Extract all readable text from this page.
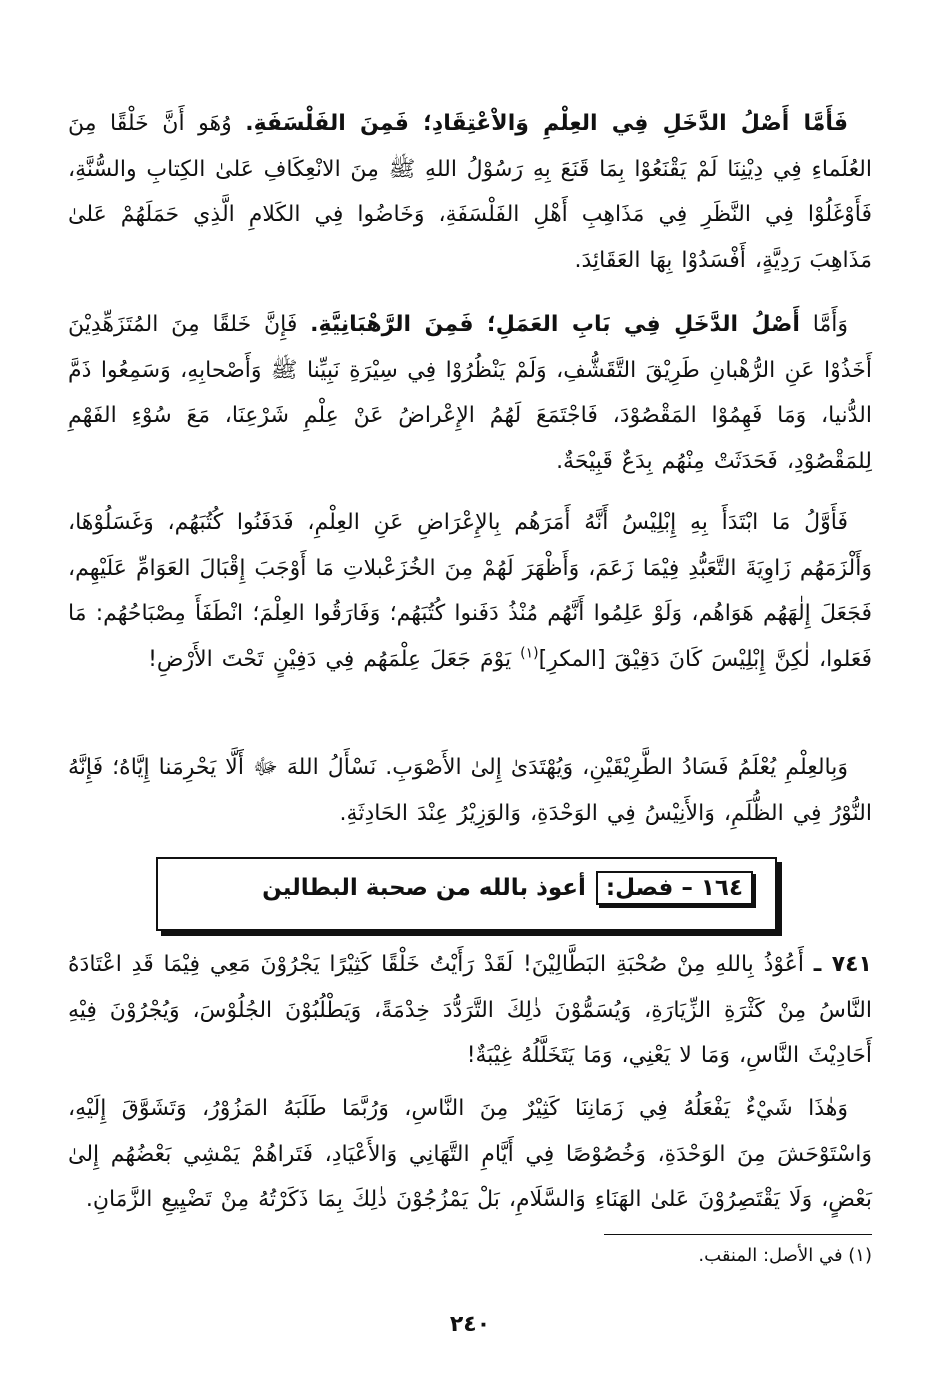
فَأَمَّا أَصْلُ الدَّخَلِ فِي العِلْمِ وَالاْعْتِقَادِ؛ فَمِنَ الفَلْسَفَةِ. وُهَو أَنَّ خَلْقًا مِنَ العُلَماءِ فِي دِيْنِنَا لَمْ يَقْنَعُوْا بِمَا قَنَعَ بِهِ رَسُوْلُ اللهِ ﷺ مِنَ الانْعِكَافِ عَلىٰ الكِتابِ والسُّنَّةِ، فَأَوْغَلُوْا فِي النَّظَرِ فِي مَذَاهِبِ أَهْلِ الفَلْسَفَةِ، وَخَاضُوا فِي الكَلامِ الَّذِي حَمَلَهُمْ عَلىٰ مَذَاهِبَ رَدِيَّةٍ، أَفْسَدُوْا بِهَا العَقَائِدَ.

وَأَمَّا أَصْلُ الدَّخَلِ فِي بَابِ العَمَلِ؛ فَمِنَ الرَّهْبَانِيَّةِ. فَإِنَّ خَلقًا مِنَ المُتَزَهِّدِيْنَ أَخَذُوْا عَنِ الرُّهْبانِ طَرِيْقَ التَّقَشُّفِ، وَلَمْ يَنْظُرُوْا فِي سِيْرَةِ نَبِيِّنا ﷺ وَأَصْحابِهِ، وَسَمِعُوا ذَمَّ الدُّنيا، وَمَا فَهِمُوْا المَقْصُوْدَ، فَاجْتَمَعَ لَهُمُ الإِعْراضُ عَنْ عِلْمِ شَرْعِنَا، مَعَ سُوْءِ الفَهْمِ لِلمَقْصُوْدِ، فَحَدَثَتْ مِنْهُم بِدَعٌ قَبِيْحَةٌ.

فَأَوَّلُ مَا ابْتَدَأَ بِهِ إِبْلِيْسُ أَنَّهُ أَمَرَهُم بِالإِعْرَاضِ عَنِ العِلْمِ، فَدَفَنُوا كُتُبَهُم، وَغَسَلُوْهَا، وَأَلْزَمَهُم زَاوِيَةَ التَّعَبُّدِ فِيْمَا زَعَمَ، وَأَظْهَرَ لَهُمْ مِنَ الخُزَعْبلاتِ مَا أَوْجَبَ إِقْبَالَ العَوَامِّ عَلَيْهِم، فَجَعَلَ إِلٰهَهُم هَوَاهُم، وَلَوْ عَلِمُوا أَنَّهُم مُنْذُ دَفَنوا كُتُبَهُم؛ وَفَارَقُوا العِلْمَ؛ انْطَفَأَ مِصْبَاحُهُم: مَا فَعَلوا، لٰكِنَّ إِبْلِيْسَ كَانَ دَقِيْقَ [المكرِ]$^{(١)}$ يَوْمَ جَعَلَ عِلْمَهُم فِي دَفِيْنٍ تَحْتَ الأَرْضِ!

وَبِالعِلْمِ يُعْلَمُ فَسَادُ الطَّرِيْقَيْنِ، وَيُهْتَدَىٰ إِلىٰ الأَصْوَبِ. نَسْأَلُ اللهَ ﷻ أَلَّا يَحْرِمَنا إِيَّاهُ؛ فَإِنَّهُ النُّوْرُ فِي الظُّلَمِ، وَالأَنِيْسُ فِي الوَحْدَةِ، وَالوَزِيْرُ عِنْدَ الحَادِثَةِ.

١٦٤ – فصل:
أعوذ بالله من صحبة البطالين

٧٤١ ـ أَعُوْذُ بِاللهِ مِنْ صُحْبَةِ البَطَّالِيْنَ! لَقَدْ رَأَيْتُ خَلْقًا كَثِيْرًا يَجْرُوْنَ مَعِي فِيْمَا قَدِ اعْتَادَهُ النَّاسُ مِنْ كَثْرَةِ الزِّيَارَةِ، وَيُسَمُّوْنَ ذٰلِكَ التَّرَدُّدَ خِدْمَةً، وَيَطْلُبُوْنَ الجُلُوْسَ، وَيُجْرُوْنَ فِيْهِ أَحَادِيْثَ النَّاسِ، وَمَا لا يَعْنِي، وَمَا يَتَخَلَّلُهُ غِيْبَةٌ!

وَهٰذَا شَيْءٌ يَفْعَلُهُ فِي زَمَانِنَا كَثِيْرٌ مِنَ النَّاسِ، وَرُبَّمَا طَلَبَهُ المَزُوْرُ، وَتَشَوَّقَ إِلَيْهِ، وَاسْتَوْحَشَ مِنَ الوَحْدَةِ، وَخُصُوْصًا فِي أَيَّامِ التَّهَانِي وَالأَعْيَادِ، فَتَراهُمْ يَمْشِي بَعْضُهُم إِلىٰ بَعْضٍ، وَلَا يَقْتَصِرُوْنَ عَلىٰ الهَنَاءِ وَالسَّلَامِ، بَلْ يَمْزُجُوْنَ ذٰلِكَ بِمَا ذَكَرْتُهُ مِنْ تَضْيِيعِ الزَّمَانِ.

(١) في الأصل: المنقب.

٢٤٠
